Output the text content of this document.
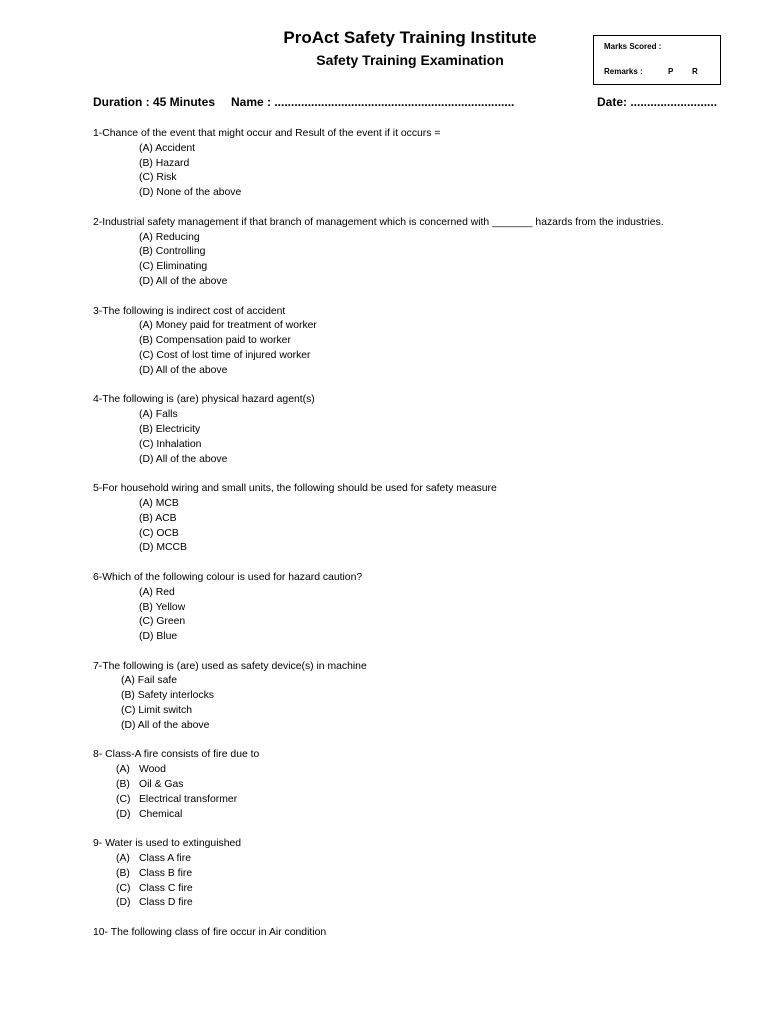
ProAct Safety Training Institute
Safety Training Examination
Marks Scored :
Remarks :	P R
Duration : 45 Minutes Name : ........................................................................	Date: ..........................
1-Chance of the event that might occur and Result of the event if it occurs =
(A) Accident
(B) Hazard
(C) Risk
(D) None of the above
2-Industrial safety management if that branch of management which is concerned with _______ hazards from the industries.
(A) Reducing
(B) Controlling
(C) Eliminating
(D) All of the above
3-The following is indirect cost of accident
(A) Money paid for treatment of worker
(B) Compensation paid to worker
(C) Cost of lost time of injured worker
(D) All of the above
4-The following is (are) physical hazard agent(s)
(A) Falls
(B) Electricity
(C) Inhalation
(D) All of the above
5-For household wiring and small units, the following should be used for safety measure
(A) MCB
(B) ACB
(C) OCB
(D) MCCB
6-Which of the following colour is used for hazard caution?
(A) Red
(B) Yellow
(C) Green
(D) Blue
7-The following is (are) used as safety device(s) in machine
(A) Fail safe
(B) Safety interlocks
(C) Limit switch
(D) All of the above
8- Class-A fire consists of fire due to
(A) Wood
(B) Oil & Gas
(C) Electrical transformer
(D) Chemical
9- Water is used to extinguished
(A) Class A fire
(B) Class B fire
(C) Class C fire
(D) Class D fire
10- The following class of fire occur in Air condition
